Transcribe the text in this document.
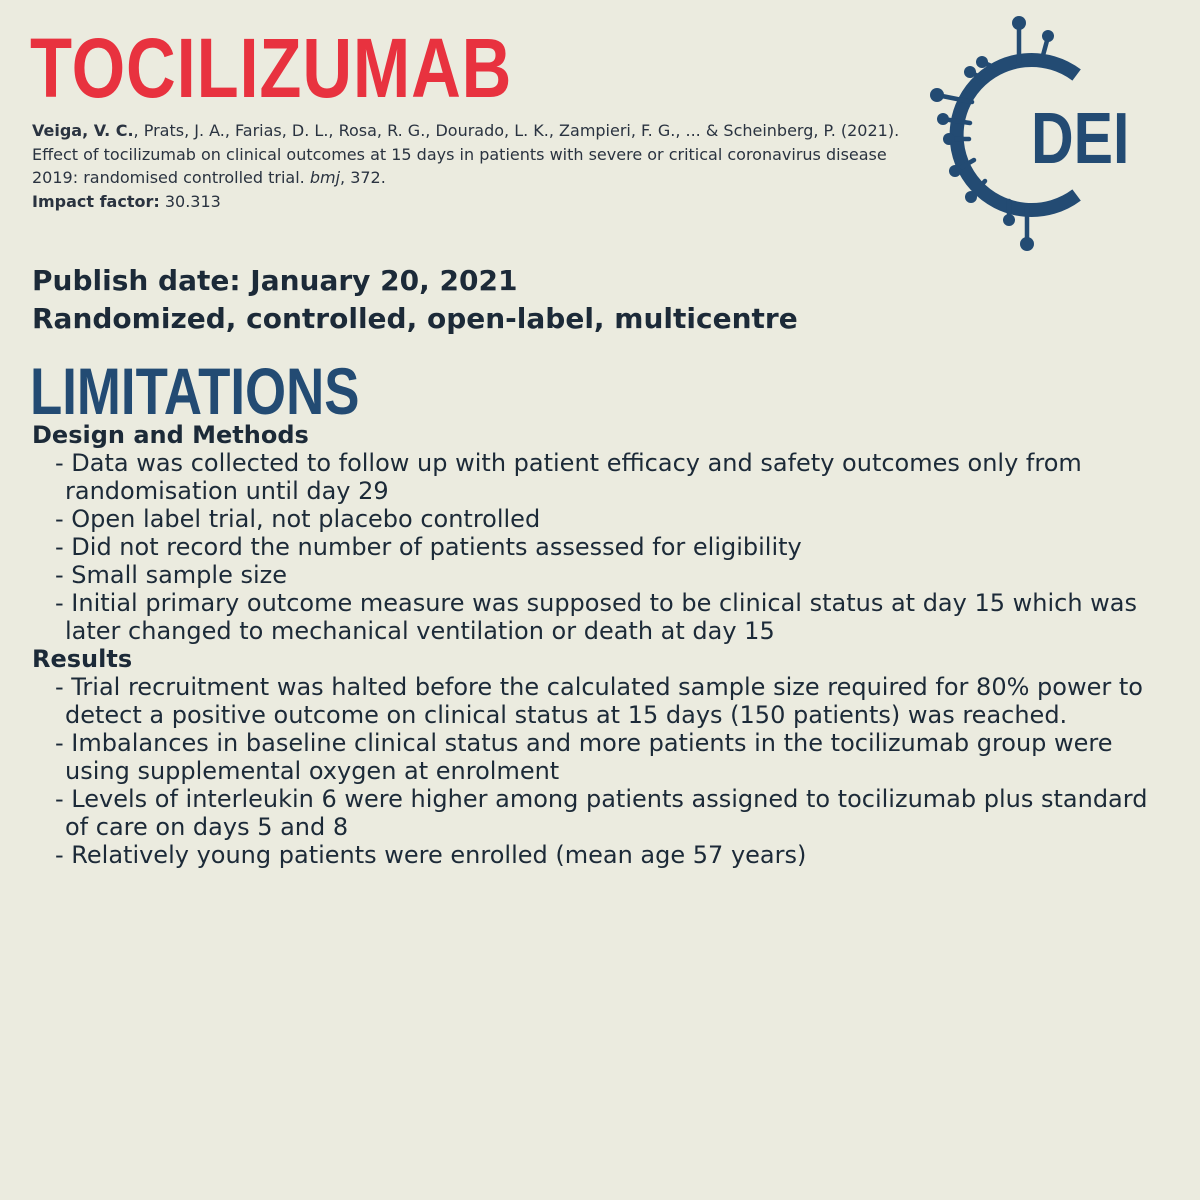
TOCILIZUMAB
Veiga, V. C., Prats, J. A., Farias, D. L., Rosa, R. G., Dourado, L. K., Zampieri, F. G., ... & Scheinberg, P. (2021). Effect of tocilizumab on clinical outcomes at 15 days in patients with severe or critical coronavirus disease 2019: randomised controlled trial. bmj, 372.
Impact factor: 30.313
DEI
Publish date: January 20, 2021
Randomized, controlled, open-label, multicentre
LIMITATIONS
Design and Methods
- Data was collected to follow up with patient efficacy and safety outcomes only from randomisation until day 29
- Open label trial, not placebo controlled
- Did not record the number of patients assessed for eligibility
- Small sample size
- Initial primary outcome measure was supposed to be clinical status at day 15 which was later changed to mechanical ventilation or death at day 15
Results
- Trial recruitment was halted before the calculated sample size required for 80% power to detect a positive outcome on clinical status at 15 days (150 patients) was reached.
- Imbalances in baseline clinical status and more patients in the tocilizumab group were using supplemental oxygen at enrolment
- Levels of interleukin 6 were higher among patients assigned to tocilizumab plus standard of care on days 5 and 8
- Relatively young patients were enrolled (mean age 57 years)
